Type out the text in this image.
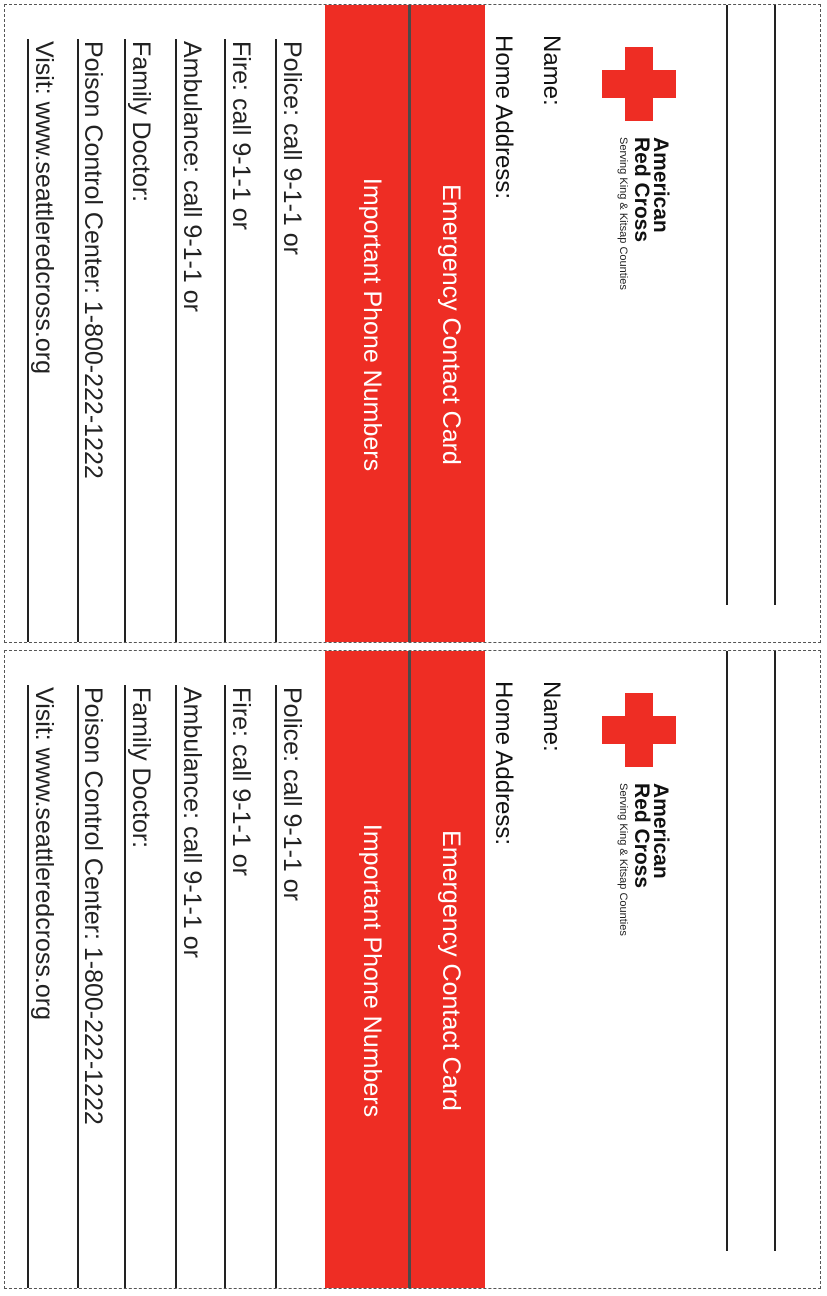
American
Red Cross
Serving King & Kitsap Counties
Name:
Home Address:
Emergency Contact Card
Important Phone Numbers
Police: call 9-1-1 or
Fire: call 9-1-1 or
Ambulance: call 9-1-1 or
Family Doctor:
Poison Control Center: 1-800-222-1222
Visit: www.seattleredcross.org
American
Red Cross
Serving King & Kitsap Counties
Name:
Home Address:
Emergency Contact Card
Important Phone Numbers
Police: call 9-1-1 or
Fire: call 9-1-1 or
Ambulance: call 9-1-1 or
Family Doctor:
Poison Control Center: 1-800-222-1222
Visit: www.seattleredcross.org
